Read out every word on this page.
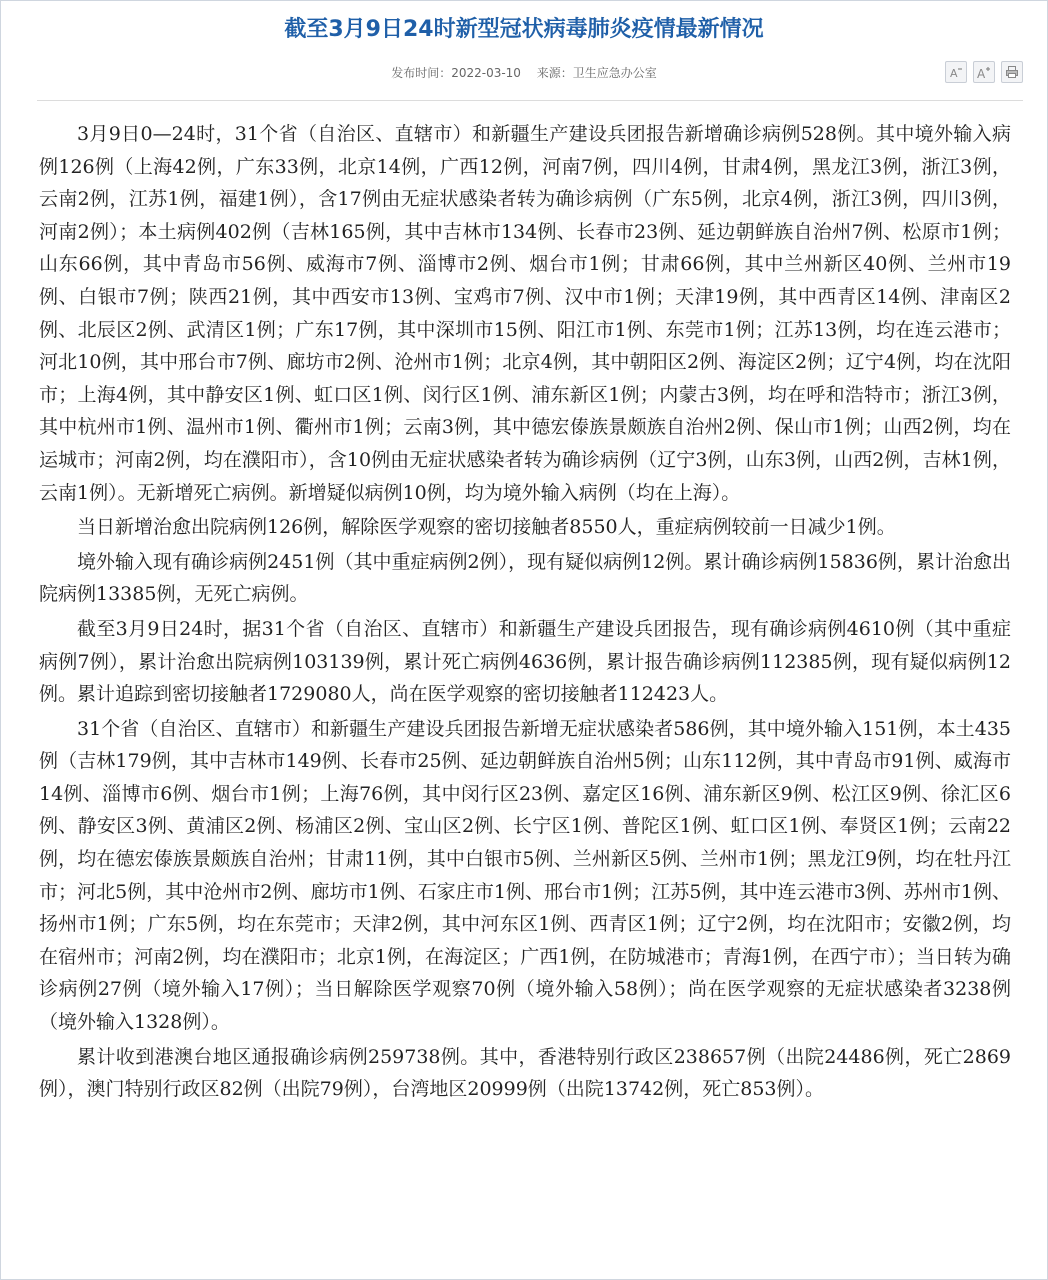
截至3月9日24时新型冠状病毒肺炎疫情最新情况
发布时间：2022-03-10 来源：卫生应急办公室	A A

3月9日0—24时，31个省（自治区、直辖市）和新疆生产建设兵团报告新增确诊病例528例。其中境外输入病例126例（上海42例，广东33例，北京14例，广西12例，河南7例，四川4例，甘肃4例，黑龙江3例，浙江3例，云南2例，江苏1例，福建1例），含17例由无症状感染者转为确诊病例（广东5例，北京4例，浙江3例，四川3例，河南2例）；本土病例402例（吉林165例，其中吉林市134例、长春市23例、延边朝鲜族自治州7例、松原市1例；山东66例，其中青岛市56例、威海市7例、淄博市2例、烟台市1例；甘肃66例，其中兰州新区40例、兰州市19例、白银市7例；陕西21例，其中西安市13例、宝鸡市7例、汉中市1例；天津19例，其中西青区14例、津南区2例、北辰区2例、武清区1例；广东17例，其中深圳市15例、阳江市1例、东莞市1例；江苏13例，均在连云港市；河北10例，其中邢台市7例、廊坊市2例、沧州市1例；北京4例，其中朝阳区2例、海淀区2例；辽宁4例，均在沈阳市；上海4例，其中静安区1例、虹口区1例、闵行区1例、浦东新区1例；内蒙古3例，均在呼和浩特市；浙江3例，其中杭州市1例、温州市1例、衢州市1例；云南3例，其中德宏傣族景颇族自治州2例、保山市1例；山西2例，均在运城市；河南2例，均在濮阳市），含10例由无症状感染者转为确诊病例（辽宁3例，山东3例，山西2例，吉林1例，云南1例）。无新增死亡病例。新增疑似病例10例，均为境外输入病例（均在上海）。

当日新增治愈出院病例126例，解除医学观察的密切接触者8550人，重症病例较前一日减少1例。

境外输入现有确诊病例2451例（其中重症病例2例），现有疑似病例12例。累计确诊病例15836例，累计治愈出院病例13385例，无死亡病例。

截至3月9日24时，据31个省（自治区、直辖市）和新疆生产建设兵团报告，现有确诊病例4610例（其中重症病例7例），累计治愈出院病例103139例，累计死亡病例4636例，累计报告确诊病例112385例，现有疑似病例12例。累计追踪到密切接触者1729080人，尚在医学观察的密切接触者112423人。

31个省（自治区、直辖市）和新疆生产建设兵团报告新增无症状感染者586例，其中境外输入151例，本土435例（吉林179例，其中吉林市149例、长春市25例、延边朝鲜族自治州5例；山东112例，其中青岛市91例、威海市14例、淄博市6例、烟台市1例；上海76例，其中闵行区23例、嘉定区16例、浦东新区9例、松江区9例、徐汇区6例、静安区3例、黄浦区2例、杨浦区2例、宝山区2例、长宁区1例、普陀区1例、虹口区1例、奉贤区1例；云南22例，均在德宏傣族景颇族自治州；甘肃11例，其中白银市5例、兰州新区5例、兰州市1例；黑龙江9例，均在牡丹江市；河北5例，其中沧州市2例、廊坊市1例、石家庄市1例、邢台市1例；江苏5例，其中连云港市3例、苏州市1例、扬州市1例；广东5例，均在东莞市；天津2例，其中河东区1例、西青区1例；辽宁2例，均在沈阳市；安徽2例，均在宿州市；河南2例，均在濮阳市；北京1例，在海淀区；广西1例，在防城港市；青海1例，在西宁市）；当日转为确诊病例27例（境外输入17例）；当日解除医学观察70例（境外输入58例）；尚在医学观察的无症状感染者3238例（境外输入1328例）。

累计收到港澳台地区通报确诊病例259738例。其中，香港特别行政区238657例（出院24486例，死亡2869例），澳门特别行政区82例（出院79例），台湾地区20999例（出院13742例，死亡853例）。
